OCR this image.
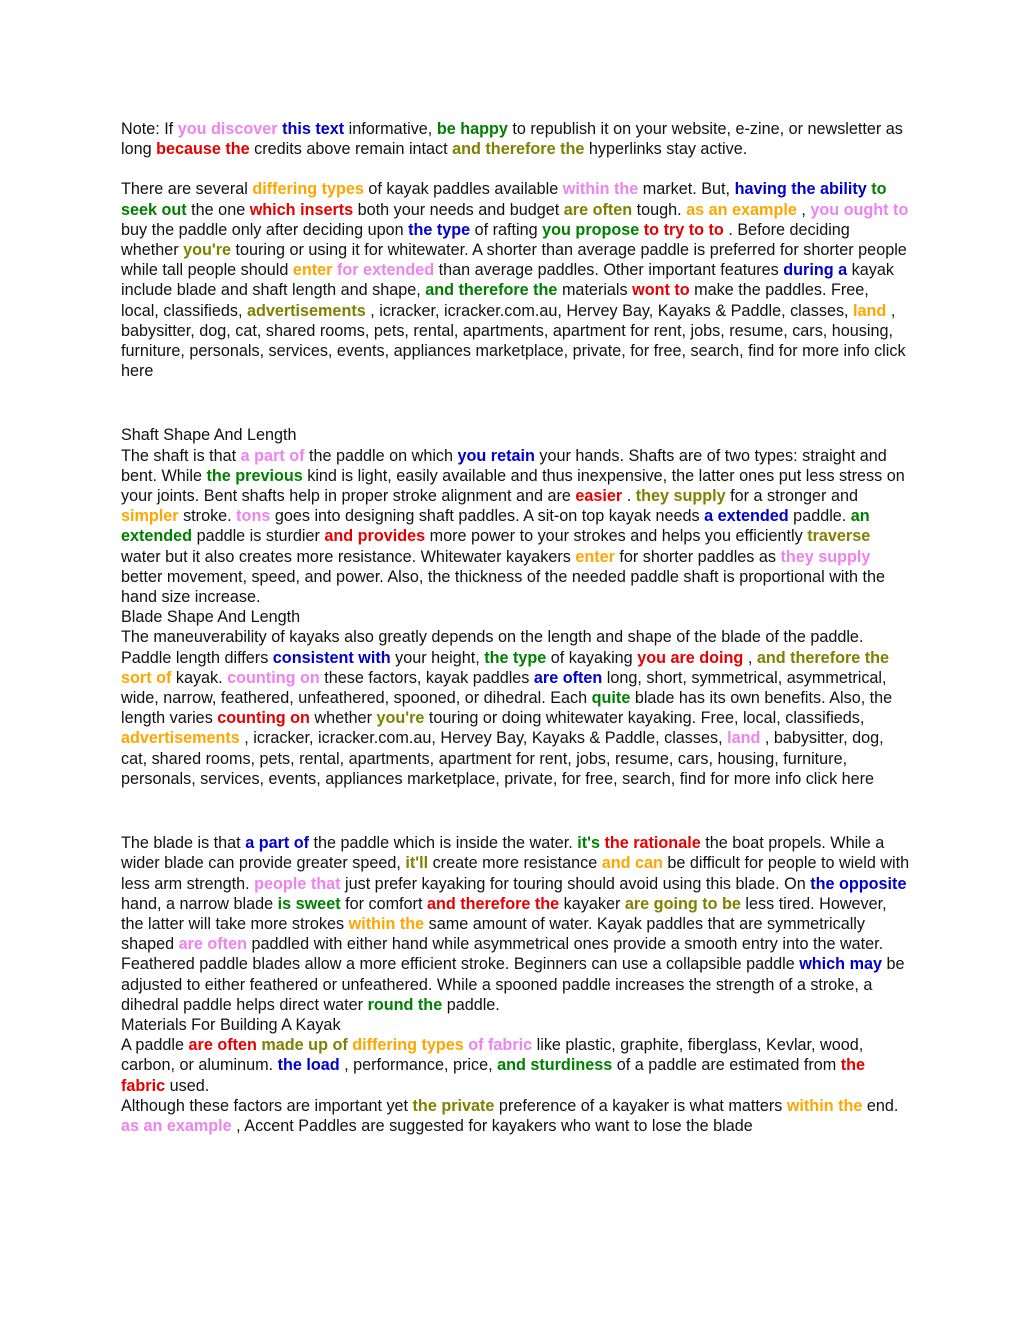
Note: If you discover this text informative, be happy to republish it on your website, e-zine, or newsletter as long because the credits above remain intact and therefore the hyperlinks stay active.

There are several differing types of kayak paddles available within the market. But, having the ability to seek out the one which inserts both your needs and budget are often tough. as an example , you ought to buy the paddle only after deciding upon the type of rafting you propose to try to to . Before deciding whether you're touring or using it for whitewater. A shorter than average paddle is preferred for shorter people while tall people should enter for extended than average paddles. Other important features during a kayak include blade and shaft length and shape, and therefore the materials wont to make the paddles. Free, local, classifieds, advertisements , icracker, icracker.com.au, Hervey Bay, Kayaks & Paddle, classes, land , babysitter, dog, cat, shared rooms, pets, rental, apartments, apartment for rent, jobs, resume, cars, housing, furniture, personals, services, events, appliances marketplace, private, for free, search, find for more info click here

Shaft Shape And Length

The shaft is that a part of the paddle on which you retain your hands. Shafts are of two types: straight and bent. While the previous kind is light, easily available and thus inexpensive, the latter ones put less stress on your joints. Bent shafts help in proper stroke alignment and are easier . they supply for a stronger and simpler stroke. tons goes into designing shaft paddles. A sit-on top kayak needs a extended paddle. an extended paddle is sturdier and provides more power to your strokes and helps you efficiently traverse water but it also creates more resistance. Whitewater kayakers enter for shorter paddles as they supply better movement, speed, and power. Also, the thickness of the needed paddle shaft is proportional with the hand size increase.

Blade Shape And Length

The maneuverability of kayaks also greatly depends on the length and shape of the blade of the paddle. Paddle length differs consistent with your height, the type of kayaking you are doing , and therefore the sort of kayak. counting on these factors, kayak paddles are often long, short, symmetrical, asymmetrical, wide, narrow, feathered, unfeathered, spooned, or dihedral. Each quite blade has its own benefits. Also, the length varies counting on whether you're touring or doing whitewater kayaking. Free, local, classifieds, advertisements , icracker, icracker.com.au, Hervey Bay, Kayaks & Paddle, classes, land , babysitter, dog, cat, shared rooms, pets, rental, apartments, apartment for rent, jobs, resume, cars, housing, furniture, personals, services, events, appliances marketplace, private, for free, search, find for more info click here

The blade is that a part of the paddle which is inside the water. it's the rationale the boat propels. While a wider blade can provide greater speed, it'll create more resistance and can be difficult for people to wield with less arm strength. people that just prefer kayaking for touring should avoid using this blade. On the opposite hand, a narrow blade is sweet for comfort and therefore the kayaker are going to be less tired. However, the latter will take more strokes within the same amount of water. Kayak paddles that are symmetrically shaped are often paddled with either hand while asymmetrical ones provide a smooth entry into the water.

Feathered paddle blades allow a more efficient stroke. Beginners can use a collapsible paddle which may be adjusted to either feathered or unfeathered. While a spooned paddle increases the strength of a stroke, a dihedral paddle helps direct water round the paddle.

Materials For Building A Kayak

A paddle are often made up of differing types of fabric like plastic, graphite, fiberglass, Kevlar, wood, carbon, or aluminum. the load , performance, price, and sturdiness of a paddle are estimated from the fabric used.

Although these factors are important yet the private preference of a kayaker is what matters within the end. as an example , Accent Paddles are suggested for kayakers who want to lose the blade
